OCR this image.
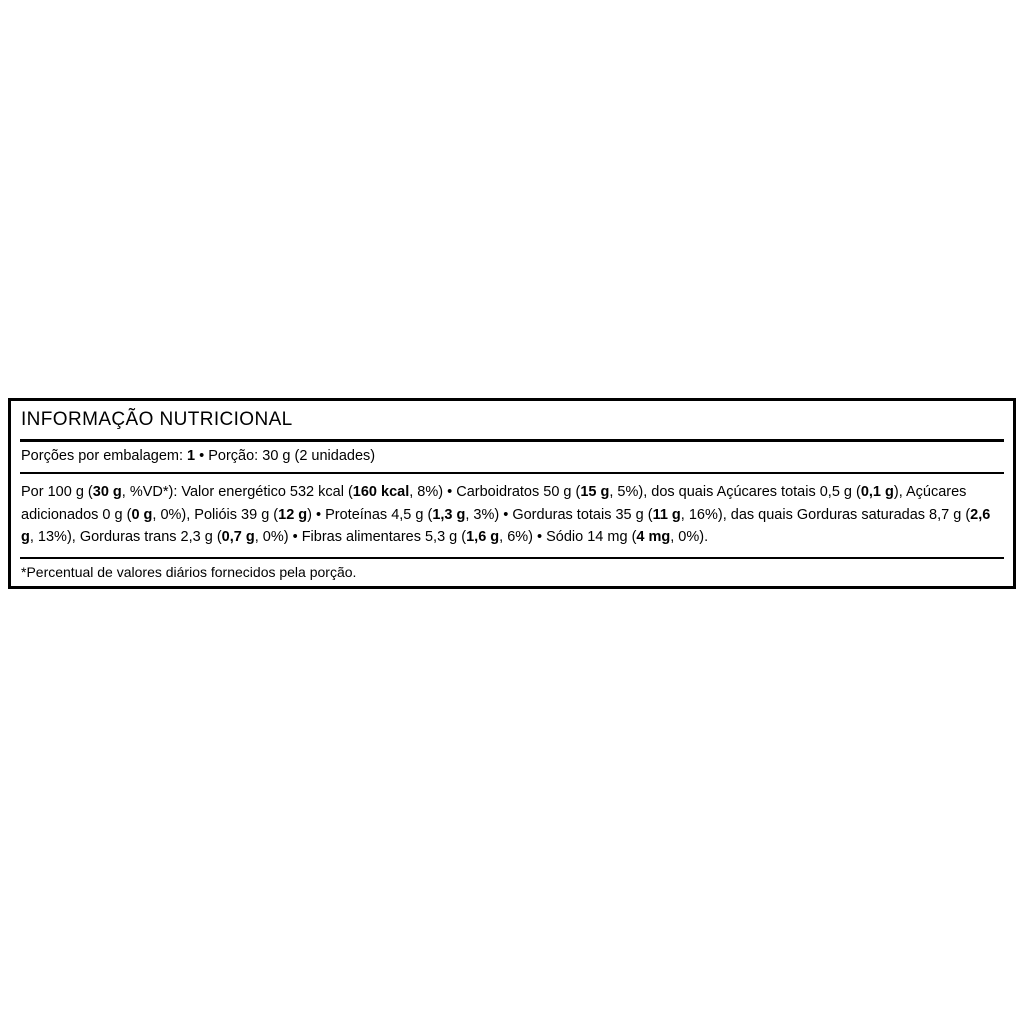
INFORMAÇÃO NUTRICIONAL
Porções por embalagem: 1 • Porção: 30 g (2 unidades)
Por 100 g (30 g, %VD*): Valor energético 532 kcal (160 kcal, 8%) • Carboidratos 50 g (15 g, 5%), dos quais Açúcares totais 0,5 g (0,1 g), Açúcares adicionados 0 g (0 g, 0%), Polióis 39 g (12 g) • Proteínas 4,5 g (1,3 g, 3%) • Gorduras totais 35 g (11 g, 16%), das quais Gorduras saturadas 8,7 g (2,6 g, 13%), Gorduras trans 2,3 g (0,7 g, 0%) • Fibras alimentares 5,3 g (1,6 g, 6%) • Sódio 14 mg (4 mg, 0%).
*Percentual de valores diários fornecidos pela porção.
